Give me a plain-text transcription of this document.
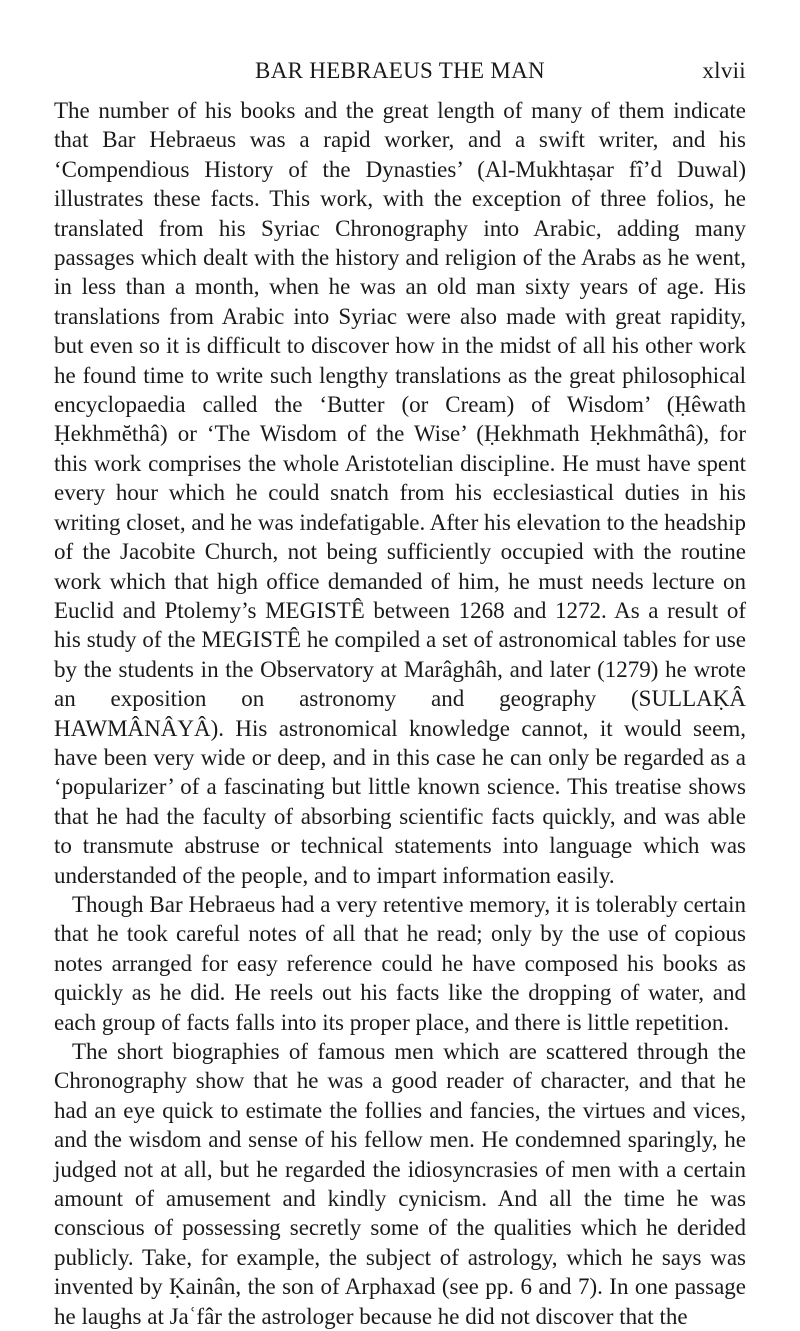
BAR HEBRAEUS THE MAN	xlvii

The number of his books and the great length of many of them indicate that Bar Hebraeus was a rapid worker, and a swift writer, and his ‘Compendious History of the Dynasties’ (Al-Mukhtaṣar fî’d Duwal) illustrates these facts. This work, with the exception of three folios, he translated from his Syriac Chronography into Arabic, adding many passages which dealt with the history and religion of the Arabs as he went, in less than a month, when he was an old man sixty years of age. His translations from Arabic into Syriac were also made with great rapidity, but even so it is difficult to discover how in the midst of all his other work he found time to write such lengthy translations as the great philosophical encyclopaedia called the ‘Butter (or Cream) of Wisdom’ (Ḥêwath Ḥekhmĕthâ) or ‘The Wisdom of the Wise’ (Ḥekhmath Ḥekhmâthâ), for this work comprises the whole Aristotelian discipline. He must have spent every hour which he could snatch from his ecclesiastical duties in his writing closet, and he was indefatigable. After his elevation to the headship of the Jacobite Church, not being sufficiently occupied with the routine work which that high office demanded of him, he must needs lecture on Euclid and Ptolemy’s MEGISTÊ between 1268 and 1272. As a result of his study of the MEGISTÊ he compiled a set of astronomical tables for use by the students in the Observatory at Marâghâh, and later (1279) he wrote an exposition on astronomy and geography (SULLAḲÂ HAWMÂNÂYÂ). His astronomical knowledge cannot, it would seem, have been very wide or deep, and in this case he can only be regarded as a ‘popularizer’ of a fascinating but little known science. This treatise shows that he had the faculty of absorbing scientific facts quickly, and was able to transmute abstruse or technical statements into language which was understanded of the people, and to impart information easily.

Though Bar Hebraeus had a very retentive memory, it is tolerably certain that he took careful notes of all that he read; only by the use of copious notes arranged for easy reference could he have composed his books as quickly as he did. He reels out his facts like the dropping of water, and each group of facts falls into its proper place, and there is little repetition.

The short biographies of famous men which are scattered through the Chronography show that he was a good reader of character, and that he had an eye quick to estimate the follies and fancies, the virtues and vices, and the wisdom and sense of his fellow men. He condemned sparingly, he judged not at all, but he regarded the idiosyncrasies of men with a certain amount of amusement and kindly cynicism. And all the time he was conscious of possessing secretly some of the qualities which he derided publicly. Take, for example, the subject of astrology, which he says was invented by Ḳainân, the son of Arphaxad (see pp. 6 and 7). In one passage he laughs at Jaʿfâr the astrologer because he did not discover that the
